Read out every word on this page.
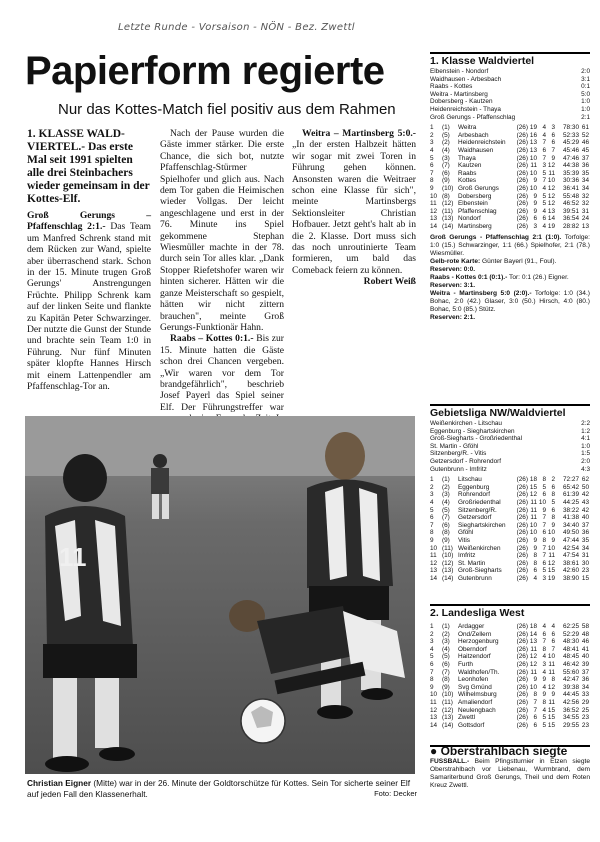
Letzte Runde - Vorsaison - NÖN - Bez. Zwettl
Papierform regierte
Nur das Kottes-Match fiel positiv aus dem Rahmen

1. KLASSE WALD-VIERTEL.- Das erste Mal seit 1991 spielten alle drei Steinbachers wieder gemeinsam in der Kottes-Elf.

Groß Gerungs – Pfaffenschlag 2:1.- Das Team um Manfred Schrenk stand mit dem Rücken zur Wand, spielte aber überraschend stark. Schon in der 15. Minute trugen Groß Gerungs' Anstrengungen Früchte. Philipp Schrenk kam auf der linken Seite und flankte zu Kapitän Peter Schwarzinger. Der nutzte die Gunst der Stunde und brachte sein Team 1:0 in Führung. Nur fünf Minuten später klopfte Hannes Hirsch mit einem Lattenpendler am Pfaffenschlag-Tor an.

Nach der Pause wurden die Gäste immer stärker. Die erste Chance, die sich bot, nutzte Pfaffenschlag-Stürmer Spielhofer und glich aus. Nach dem Tor gaben die Heimischen wieder Vollgas. Der leicht angeschlagene und erst in der 76. Minute ins Spiel gekommene Stephan Wiesmüller machte in der 78. durch sein Tor alles klar. „Dank Stopper Riefetshofer waren wir hinten sicherer. Hätten wir die ganze Meisterschaft so gespielt, hätten wir nicht zittern brauchen", meinte Groß Gerungs-Funktionär Hahn.

Raabs – Kottes 0:1.- Bis zur 15. Minute hatten die Gäste schon drei Chancen vergeben. „Wir waren vor dem Tor brandgefährlich", beschrieb Josef Payerl das Spiel seiner Elf. Der Führungstreffer war

Weitra – Martinsberg 5:0.- „In der ersten Halbzeit hätten wir sogar mit zwei Toren in Führung gehen können. Ansonsten waren die Weitraer schon eine Klasse für sich", meinte Martinsbergs Sektionsleiter Christian Hofbauer. Jetzt geht's halt ab in die 2. Klasse. Dort muss sich das noch unroutinierte Team formieren, um bald das Comeback feiern zu können.

Robert Weiß

11
Christian Eigner (Mitte) war in der 26. Minute der Goldtorschütze für Kottes. Sein Tor sicherte seiner Elf auf jeden Fall den Klassenerhalt.	Foto: Decker
1. Klasse Waldviertel
Elbenstein - Nondorf	2:0
Waidhausen - Arbesbach	3:1
Raabs - Kottes	0:1
Weitra - Martinsberg	5:0
Dobersberg - Kautzen	1:0
Heidenreichstein - Thaya	1:0
Groß Gerungs - Pfaffenschlag	2:1
1	(1)	Weitra	(26) 19 4 3	78:30 61
2	(5)	Arbesbach	(26) 16 4 6	52:33 52
3	(2)	Heidenreichstein	(26) 13 7 6	45:29 46
4	(4)	Waidhausen	(26) 13 6 7	45:46 45
5	(3)	Thaya	(26) 10 7 9	47:46 37
6	(7)	Kautzen	(26) 11 3 12	44:38 36
7	(6)	Raabs	(26) 10 5 11	35:39 35
8	(9)	Kottes	(26) 9 7 10	30:36 34
9	(10) Groß Gerungs	(26) 10 4 12	36:41 34
10 (8)	Dobersberg	(26) 9 5 12	55:48 32
11 (12) Elbenstein	(26) 9 5 12	46:52 32
12 (11) Pfaffenschlag	(26) 9 4 13	39:51 31
13 (13) Nondorf	(26) 6 6 14	36:54 24
14 (14) Martinsberg	(26) 3 4 19	28:82 13
Groß Gerungs - Pfaffenschlag 2:1 (1:0). Torfolge: 1:0 (15.) Schwarzinger, 1:1 (66.) Spielhofer, 2:1 (78.) Wiesmüller.
Gelb-rote Karte: Günter Bayerl (91., Foul).
Reserven: 0:0.
Raabs - Kottes 0:1 (0:1).- Tor: 0:1 (26.) Eigner.
Reserven: 3:1.
Weitra - Martinsberg 5:0 (2:0).- Torfolge: 1:0 (34.) Bohac, 2:0 (42.) Glaser, 3:0 (50.) Hirsch, 4:0 (80.) Bohac, 5:0 (85.) Stütz.
Reserven: 2:1.
Gebietsliga NW/Waldviertel
Weißenkirchen - Litschau	2:2
Eggenburg - Sieghartskirchen	1:2
Groß-Siegharts - Großriedenthal	4:1
St. Martin - Gföhl	1:0
Sitzenberg/R. - Vitis	1:5
Getzersdorf - Rohrendorf	2:0
Gutenbrunn - Imfritz	4:3
1	(1)	Litschau	(26) 18 8 2	72:27 62
2	(2)	Eggenburg	(26) 15 5 6	65:42 50
3	(3)	Rohrendorf	(26) 12 6 8	61:39 42
4	(4)	Großriedenthal	(26) 11 10 5	44:25 43
5	(5)	Sitzenberg/R.	(26) 11 9 6	38:22 42
6	(7)	Getzersdorf	(26) 11 7 8	41:38 40
7	(6)	Sieghartskirchen	(26) 10 7 9	34:40 37
8	(8)	Gföhl	(26) 10 6 10	49:50 36
9	(9)	Vitis	(26) 9 8 9	47:44 35
10 (11) Weißenkirchen	(26) 9 7 10	42:54 34
11 (10) Imfritz	(26) 8 7 11	47:54 31
12 (12) St. Martin	(26) 8 6 12	38:61 30
13 (13) Groß-Siegharts	(26) 6 5 15	42:60 23
14 (14) Gutenbrunn	(26) 4 3 19	38:90 15
2. Landesliga West
1	(1)	Ardagger	(26) 18 4 4	62:25 58
2	(2)	Ond/Zellern	(26) 14 6 6	52:29 48
3	(3)	Herzogenburg	(26) 13 7 6	48:30 46
4	(4)	Oberndorf	(26) 11 8 7	48:41 41
5	(5)	Haitzendorf	(26) 12 4 10	48:45 40
6	(6)	Furth	(26) 12 3 11	46:42 39
7	(7)	Waldhofen/Th.	(26) 11 4 11	55:60 37
8	(8)	Leonhofen	(26) 9 9 8	42:47 36
9	(9)	Svg Gmünd	(26) 10 4 12	39:38 34
10 (10) Wilhelmsburg	(26) 8 9 9	44:45 33
11 (11) Amaliendorf	(26) 7 8 11	42:56 29
12 (12) Neulengbach	(26) 7 4 15	36:52 25
13 (13) Zwettl	(26) 6 5 15	34:55 23
14 (14) Gottsdorf	(26) 6 5 15	29:55 23
● Oberstrahlbach siegte
FUSSBALL.- Beim Pfingstturnier in Etzen siegte Oberstrahlbach vor Liebenau, Wurmbrand, dem Samariterbund Groß Gerungs, Theil und dem Roten Kreuz Zwettl.
